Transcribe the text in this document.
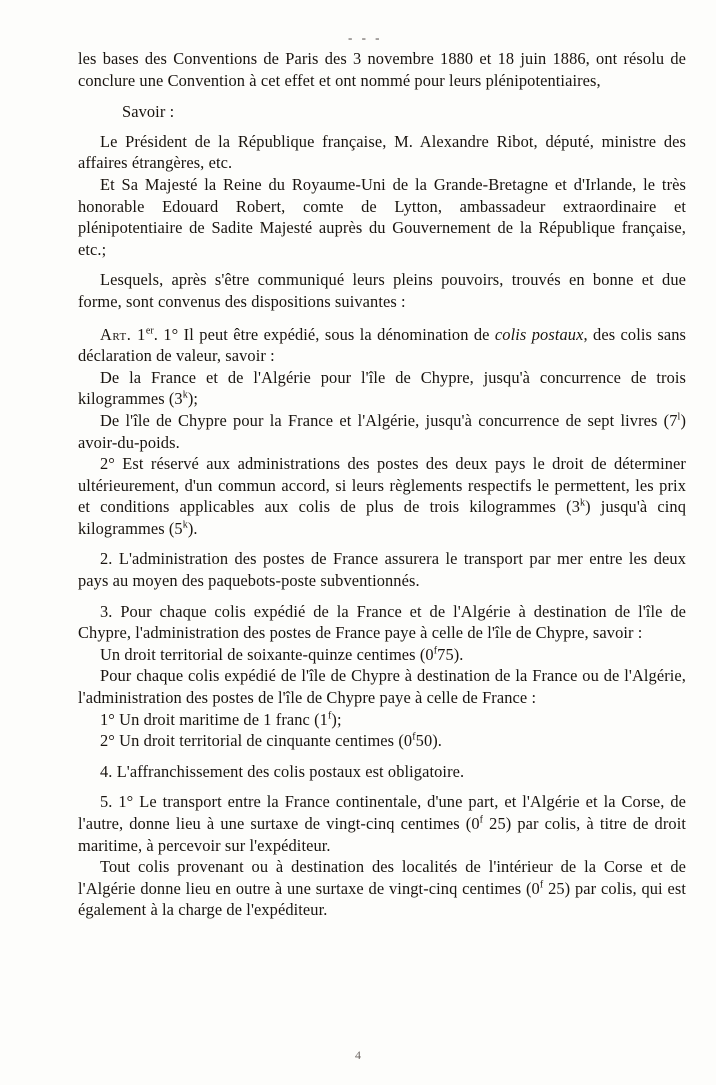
- - -

les bases des Conventions de Paris des 3 novembre 1880 et 18 juin 1886, ont résolu de conclure une Convention à cet effet et ont nommé pour leurs plénipotentiaires,

Savoir :

Le Président de la République française, M. Alexandre Ribot, député, ministre des affaires étrangères, etc.

Et Sa Majesté la Reine du Royaume-Uni de la Grande-Bretagne et d'Irlande, le très honorable Edouard Robert, comte de Lytton, ambassadeur extraordinaire et plénipotentiaire de Sadite Majesté auprès du Gouvernement de la République française, etc.;

Lesquels, après s'être communiqué leurs pleins pouvoirs, trouvés en bonne et due forme, sont convenus des dispositions suivantes :

Art. 1er. 1° Il peut être expédié, sous la dénomination de colis postaux, des colis sans déclaration de valeur, savoir :

De la France et de l'Algérie pour l'île de Chypre, jusqu'à concurrence de trois kilogrammes (3$^k$);

De l'île de Chypre pour la France et l'Algérie, jusqu'à concurrence de sept livres (7$^l$) avoir-du-poids.

2° Est réservé aux administrations des postes des deux pays le droit de déterminer ultérieurement, d'un commun accord, si leurs règlements respectifs le permettent, les prix et conditions applicables aux colis de plus de trois kilogrammes (3$^k$) jusqu'à cinq kilogrammes (5$^k$).

2. L'administration des postes de France assurera le transport par mer entre les deux pays au moyen des paquebots-poste subventionnés.

3. Pour chaque colis expédié de la France et de l'Algérie à destination de l'île de Chypre, l'administration des postes de France paye à celle de l'île de Chypre, savoir :

Un droit territorial de soixante-quinze centimes (0$^f$75).

Pour chaque colis expédié de l'île de Chypre à destination de la France ou de l'Algérie, l'administration des postes de l'île de Chypre paye à celle de France :

1° Un droit maritime de 1 franc (1$^f$);

2° Un droit territorial de cinquante centimes (0$^f$50).

4. L'affranchissement des colis postaux est obligatoire.

5. 1° Le transport entre la France continentale, d'une part, et l'Algérie et la Corse, de l'autre, donne lieu à une surtaxe de vingt-cinq centimes (0$^f$ 25) par colis, à titre de droit maritime, à percevoir sur l'expéditeur.

Tout colis provenant ou à destination des localités de l'intérieur de la Corse et de l'Algérie donne lieu en outre à une surtaxe de vingt-cinq centimes (0$^f$ 25) par colis, qui est également à la charge de l'expéditeur.

4
